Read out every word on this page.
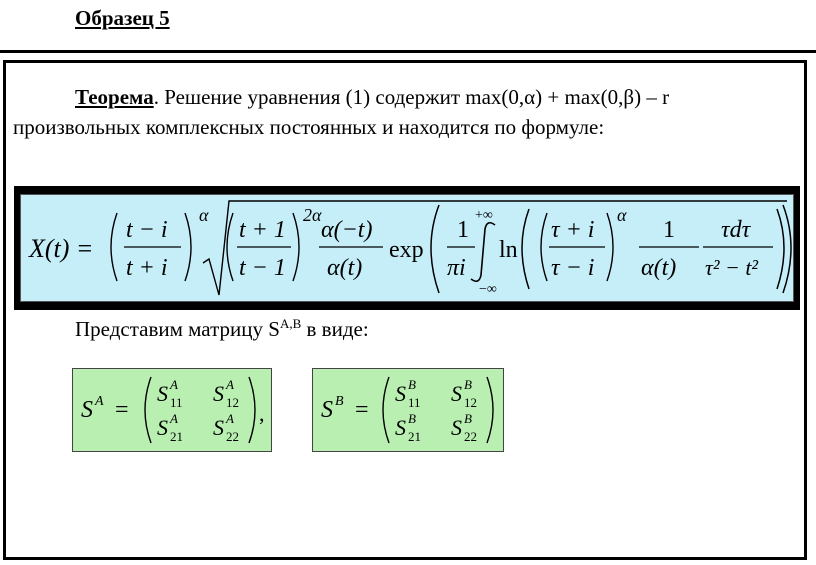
Образец 5
Теорема. Решение уравнения (1) содержит max(0,α) + max(0,β) – r
произвольных комплексных постоянных и находится по формуле:
X(t) =
t − i
t + i
α
t + 1
t − 1
2α
α(−t)
α(t)
exp
1
πi
+∞
−∞
ln
τ + i
τ − i
α
1
α(t)
τdτ
τ² − t²
Представим матрицу $S^{A,B}$ в виде:
S A =
S A
11 S A
12
S A
21 S A
22
, S B =
S B
11 S B
12
S B
21 S B
22
